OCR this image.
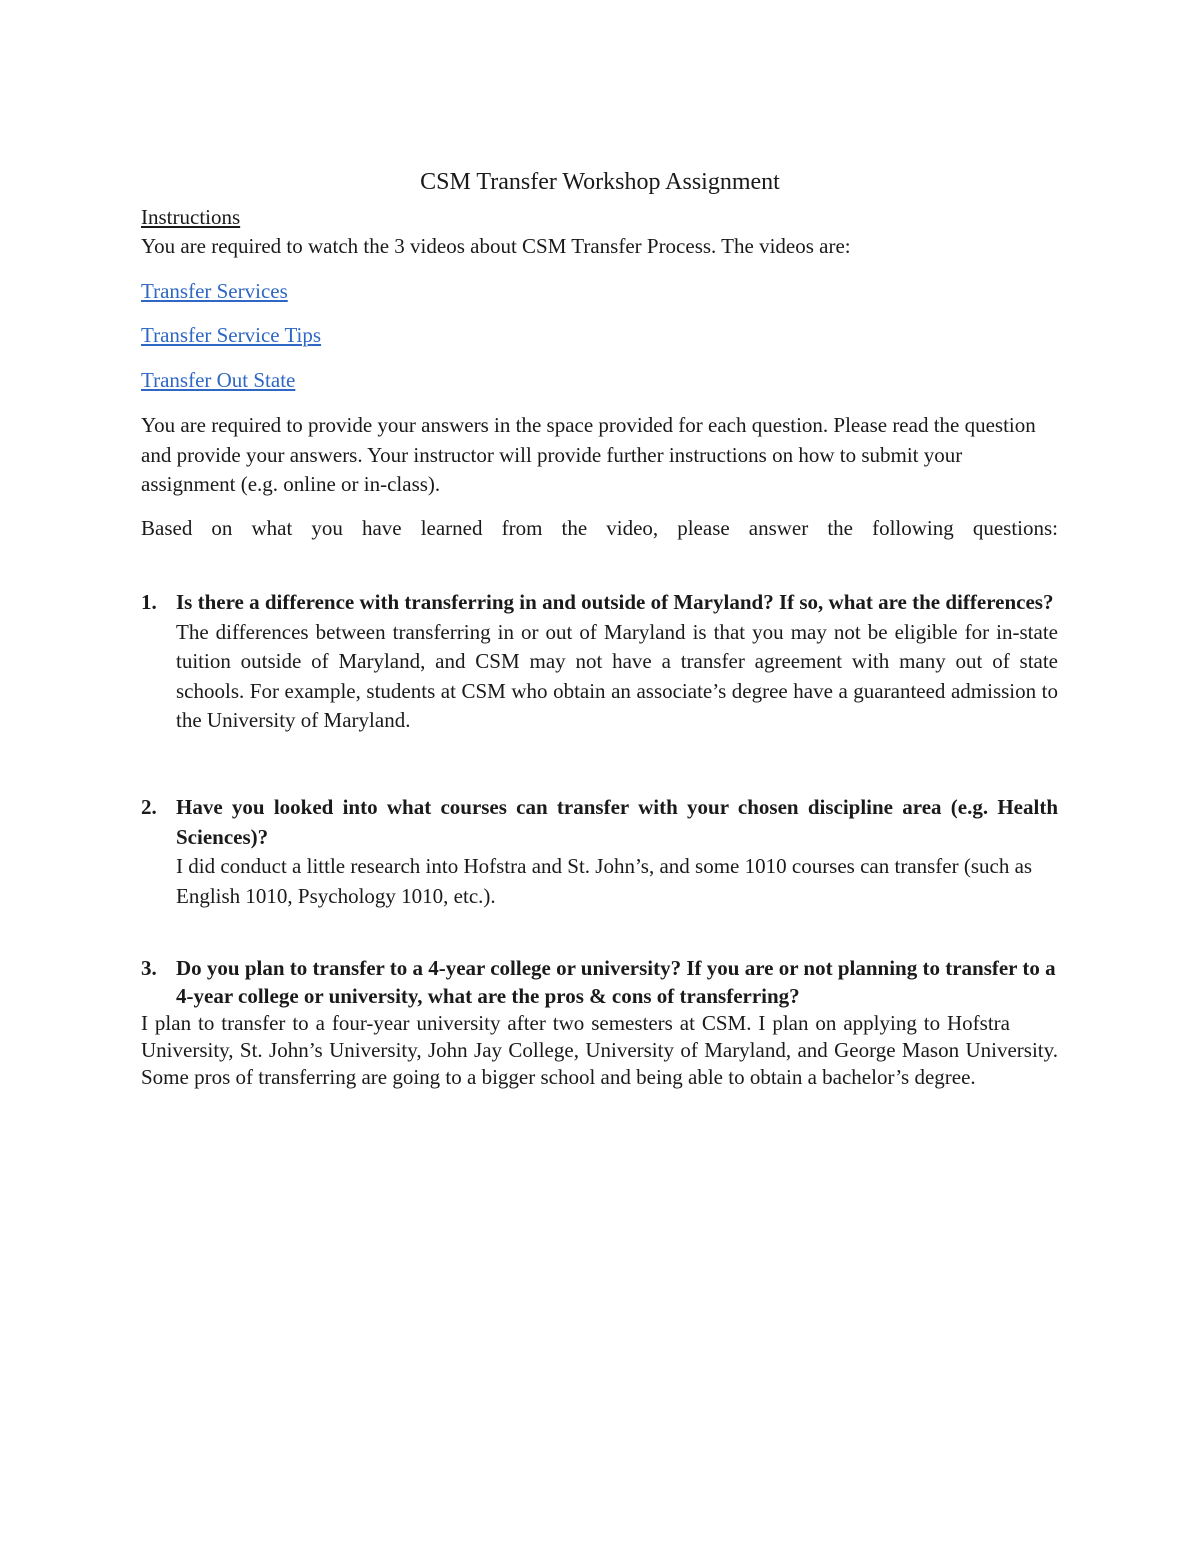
CSM Transfer Workshop Assignment
Instructions
You are required to watch the 3 videos about CSM Transfer Process. The videos are:
Transfer Services
Transfer Service Tips
Transfer Out State
You are required to provide your answers in the space provided for each question. Please read the question and provide your answers. Your instructor will provide further instructions on how to submit your assignment (e.g. online or in-class).
Based on what you have learned from the video, please answer the following questions:
1. Is there a difference with transferring in and outside of Maryland? If so, what are the differences?
The differences between transferring in or out of Maryland is that you may not be eligible for in-state tuition outside of Maryland, and CSM may not have a transfer agreement with many out of state schools. For example, students at CSM who obtain an associate’s degree have a guaranteed admission to the University of Maryland.
2. Have you looked into what courses can transfer with your chosen discipline area (e.g. Health Sciences)?
I did conduct a little research into Hofstra and St. John’s, and some 1010 courses can transfer (such as English 1010, Psychology 1010, etc.).
3. Do you plan to transfer to a 4-year college or university? If you are or not planning to transfer to a 4-year college or university, what are the pros & cons of transferring?
I plan to transfer to a four-year university after two semesters at CSM. I plan on applying to HofstraUniversity, St. John’s University, John Jay College, University of Maryland, and George Mason University. Some pros of transferring are going to a bigger school and being able to obtain a bachelor’s degree.
